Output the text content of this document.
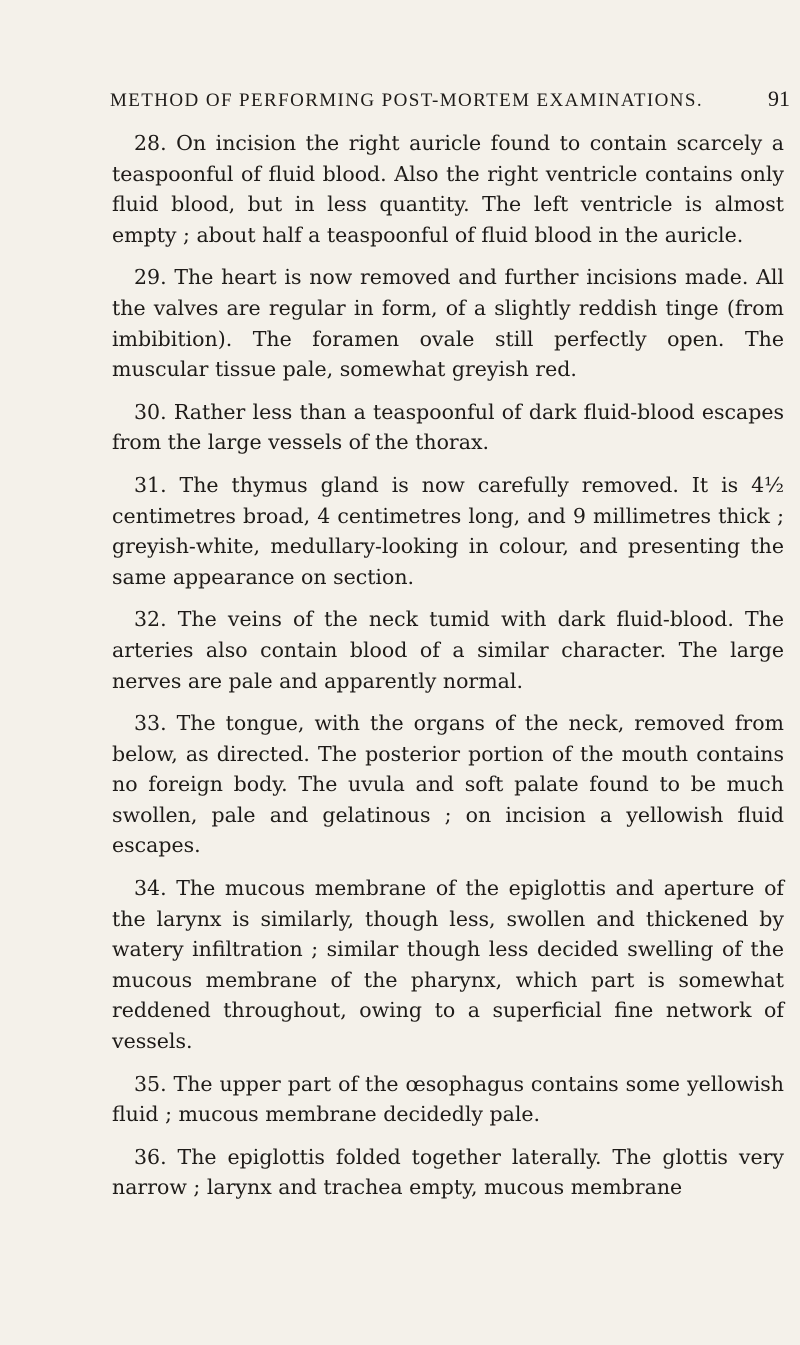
METHOD OF PERFORMING POST-MORTEM EXAMINATIONS.	91

28. On incision the right auricle found to contain scarcely a teaspoonful of fluid blood. Also the right ventricle contains only fluid blood, but in less quantity. The left ventricle is almost empty ; about half a teaspoonful of fluid blood in the auricle.

29. The heart is now removed and further incisions made. All the valves are regular in form, of a slightly reddish tinge (from imbibition). The foramen ovale still perfectly open. The muscular tissue pale, somewhat greyish red.

30. Rather less than a teaspoonful of dark fluid-blood escapes from the large vessels of the thorax.

31. The thymus gland is now carefully removed. It is 4½ centimetres broad, 4 centimetres long, and 9 millimetres thick ; greyish-white, medullary-looking in colour, and presenting the same appearance on section.

32. The veins of the neck tumid with dark fluid-blood. The arteries also contain blood of a similar character. The large nerves are pale and apparently normal.

33. The tongue, with the organs of the neck, removed from below, as directed. The posterior portion of the mouth contains no foreign body. The uvula and soft palate found to be much swollen, pale and gelatinous ; on incision a yellowish fluid escapes.

34. The mucous membrane of the epiglottis and aperture of the larynx is similarly, though less, swollen and thickened by watery infiltration ; similar though less decided swelling of the mucous membrane of the pharynx, which part is somewhat reddened throughout, owing to a superficial fine network of vessels.

35. The upper part of the œsophagus contains some yellowish fluid ; mucous membrane decidedly pale.

36. The epiglottis folded together laterally. The glottis very narrow ; larynx and trachea empty, mucous membrane
